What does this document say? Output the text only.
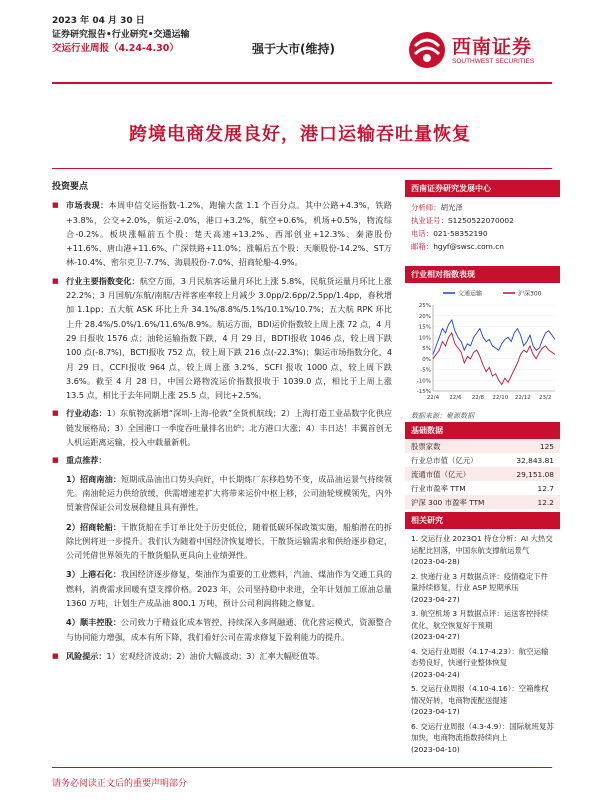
2023 年 04 月 30 日
证券研究报告•行业研究•交通运输
交运行业周报（4.24-4.30）	强于大市(维持)	西南证券
SOUTHWEST SECURITIES
跨境电商发展良好，港口运输吞吐量恢复
投资要点
■ 市场表现：本周申信交运指数-1.2%，跑输大盘 1.1 个百分点。其中公路+4.3%，铁路+3.8%，公交+2.0%，航运-2.0%，港口+3.2%，航空+0.6%，机场+0.5%，物流综合-0.2%。板块涨幅前五个股：楚天高速+13.2%、西部创业+12.3%、秦港股份+11.6%、唐山港+11.6%、广深铁路+11.0%；涨幅后五个股：天顺股份-14.2%、ST万林-10.4%、密尔克卫-7.7%、海晨股份-7.0%、招商轮船-4.9%。
■ 行业主要指数变化：航空方面，3 月民航客运量月环比上涨 5.8%，民航货运量月环比上涨 22.2%；3 月国航/东航/南航/吉祥客座率较上月减少 3.0pp/2.6pp/2.5pp/1.4pp，春秋增加 1.1pp；五大航 ASK 环比上升 34.1%/8.8%/5.1%/10.1%/10.7%；五大航 RPK 环比上升 28.4%/5.0%/1.6%/11.6%/8.9%。航运方面，BDI运价指数较上周上涨 72 点，4 月 29 日报收 1576 点；油轮运输指数下跌，4 月 29 日，BDTI报收 1046 点，较上周下跌 100 点(-8.7%)，BCTI报收 752 点，较上周下跌 216 点(-22.3%)；集运市场指数分化，4 月 29 日，CCFI报收 964 点，较上周上涨 3.2%，SCFI 报收 1000 点，较上周下跌 3.6%。截至 4 月 28 日，中国公路物流运价指数报收于 1039.0 点，相比于上周上涨 13.5 点，相比于去年同期上涨 25.5 点，同比+2.5%。
■ 行业动态：1）东航物流新增“深圳-上海-伦敦”全货机航线；2）上海打造工业品数字化供应链发展格局；3）全国港口一季度吞吐量排名出炉；北方港口大涨；4）丰日达！丰翼首创无人机运距离运输，投入中载量新机。
■ 重点推荐：
1）招商南油：短期成品油出口势头向好，中长期炼厂东移趋势不变，成品油运景气持续领先。南油轮运力供给放缓，供需增速差扩大将带来运价中枢上移，公司油轮规模领先，内外贸兼营保证公司发展稳健且具有弹性。
2）招商轮船：干散货船在手订单比处于历史低位，随着低碳环保政策实施，船舶潜在的拆除比例将进一步提升。我们认为随着中国经济恢复增长，干散货运输需求和供给逐步稳定，公司凭借世界领先的干散货船队更具向上业绩弹性。
3）上港石化：我国经济逐步修复，柴油作为重要的工业燃料，汽油、煤油作为交通工具的燃料，消费需求回暖有望支撑价格。2023 年，公司坚持稳中求进，全年计划加工原油总量 1360 万吨，计划生产成品油 800.1 万吨，预计公司利润将随之修复。
4）顺丰控股：公司致力于精益化成本管控，持续深入多网融通、优化营运模式，资源整合与协同能力增强，成本有所下降，我们看好公司在需求修复下盈利能力的提升。
■ 风险提示：1）宏观经济波动；2）油价大幅波动；3）汇率大幅贬值等。
西南证券研究发展中心
分析师：胡光泽
执业证号：S1250522070002
电话：021-58352190
邮箱：hgyf@swsc.com.cn
行业相对指数表现
25%
20%
15%
10%
5%
0%
-5%
-10%
-15%
22/4 22/6 22/8 22/10 22/12 23/2
交通运输	沪深300
数据来源：聚源数据
基础数据
股票家数	125
行业总市值（亿元）	32,843.81
流通市值（亿元）	29,151.08
行业市盈率 TTM	12.7
沪深 300 市盈率 TTM	12.2
相关研究
1. 交运行业 2023Q1 持仓分析：AI 大热交运配比回落，中国东航支撑航运景气
(2023-04-28)
2. 快递行业 3 月数据点评：疫情稳定下件量持续修复，行业 ASP 短期承压
(2023-04-27)
3. 航空机场 3 月数据点评：运送客控持续优化，航空恢复好于预期
(2023-04-27)
4. 交运行业周报（4.17-4.23）：航空运输态势良好，快递行业整体恢复
(2023-04-24)
5. 交运行业周报（4.10-4.16）：空箱维权情况好转，电商物流配送提速
(2023-04-17)
6. 交运行业周报（4.3-4.9）：国际航班复苏加快，电商物流指数持续向上
(2023-04-10)
请务必阅读正文后的重要声明部分
